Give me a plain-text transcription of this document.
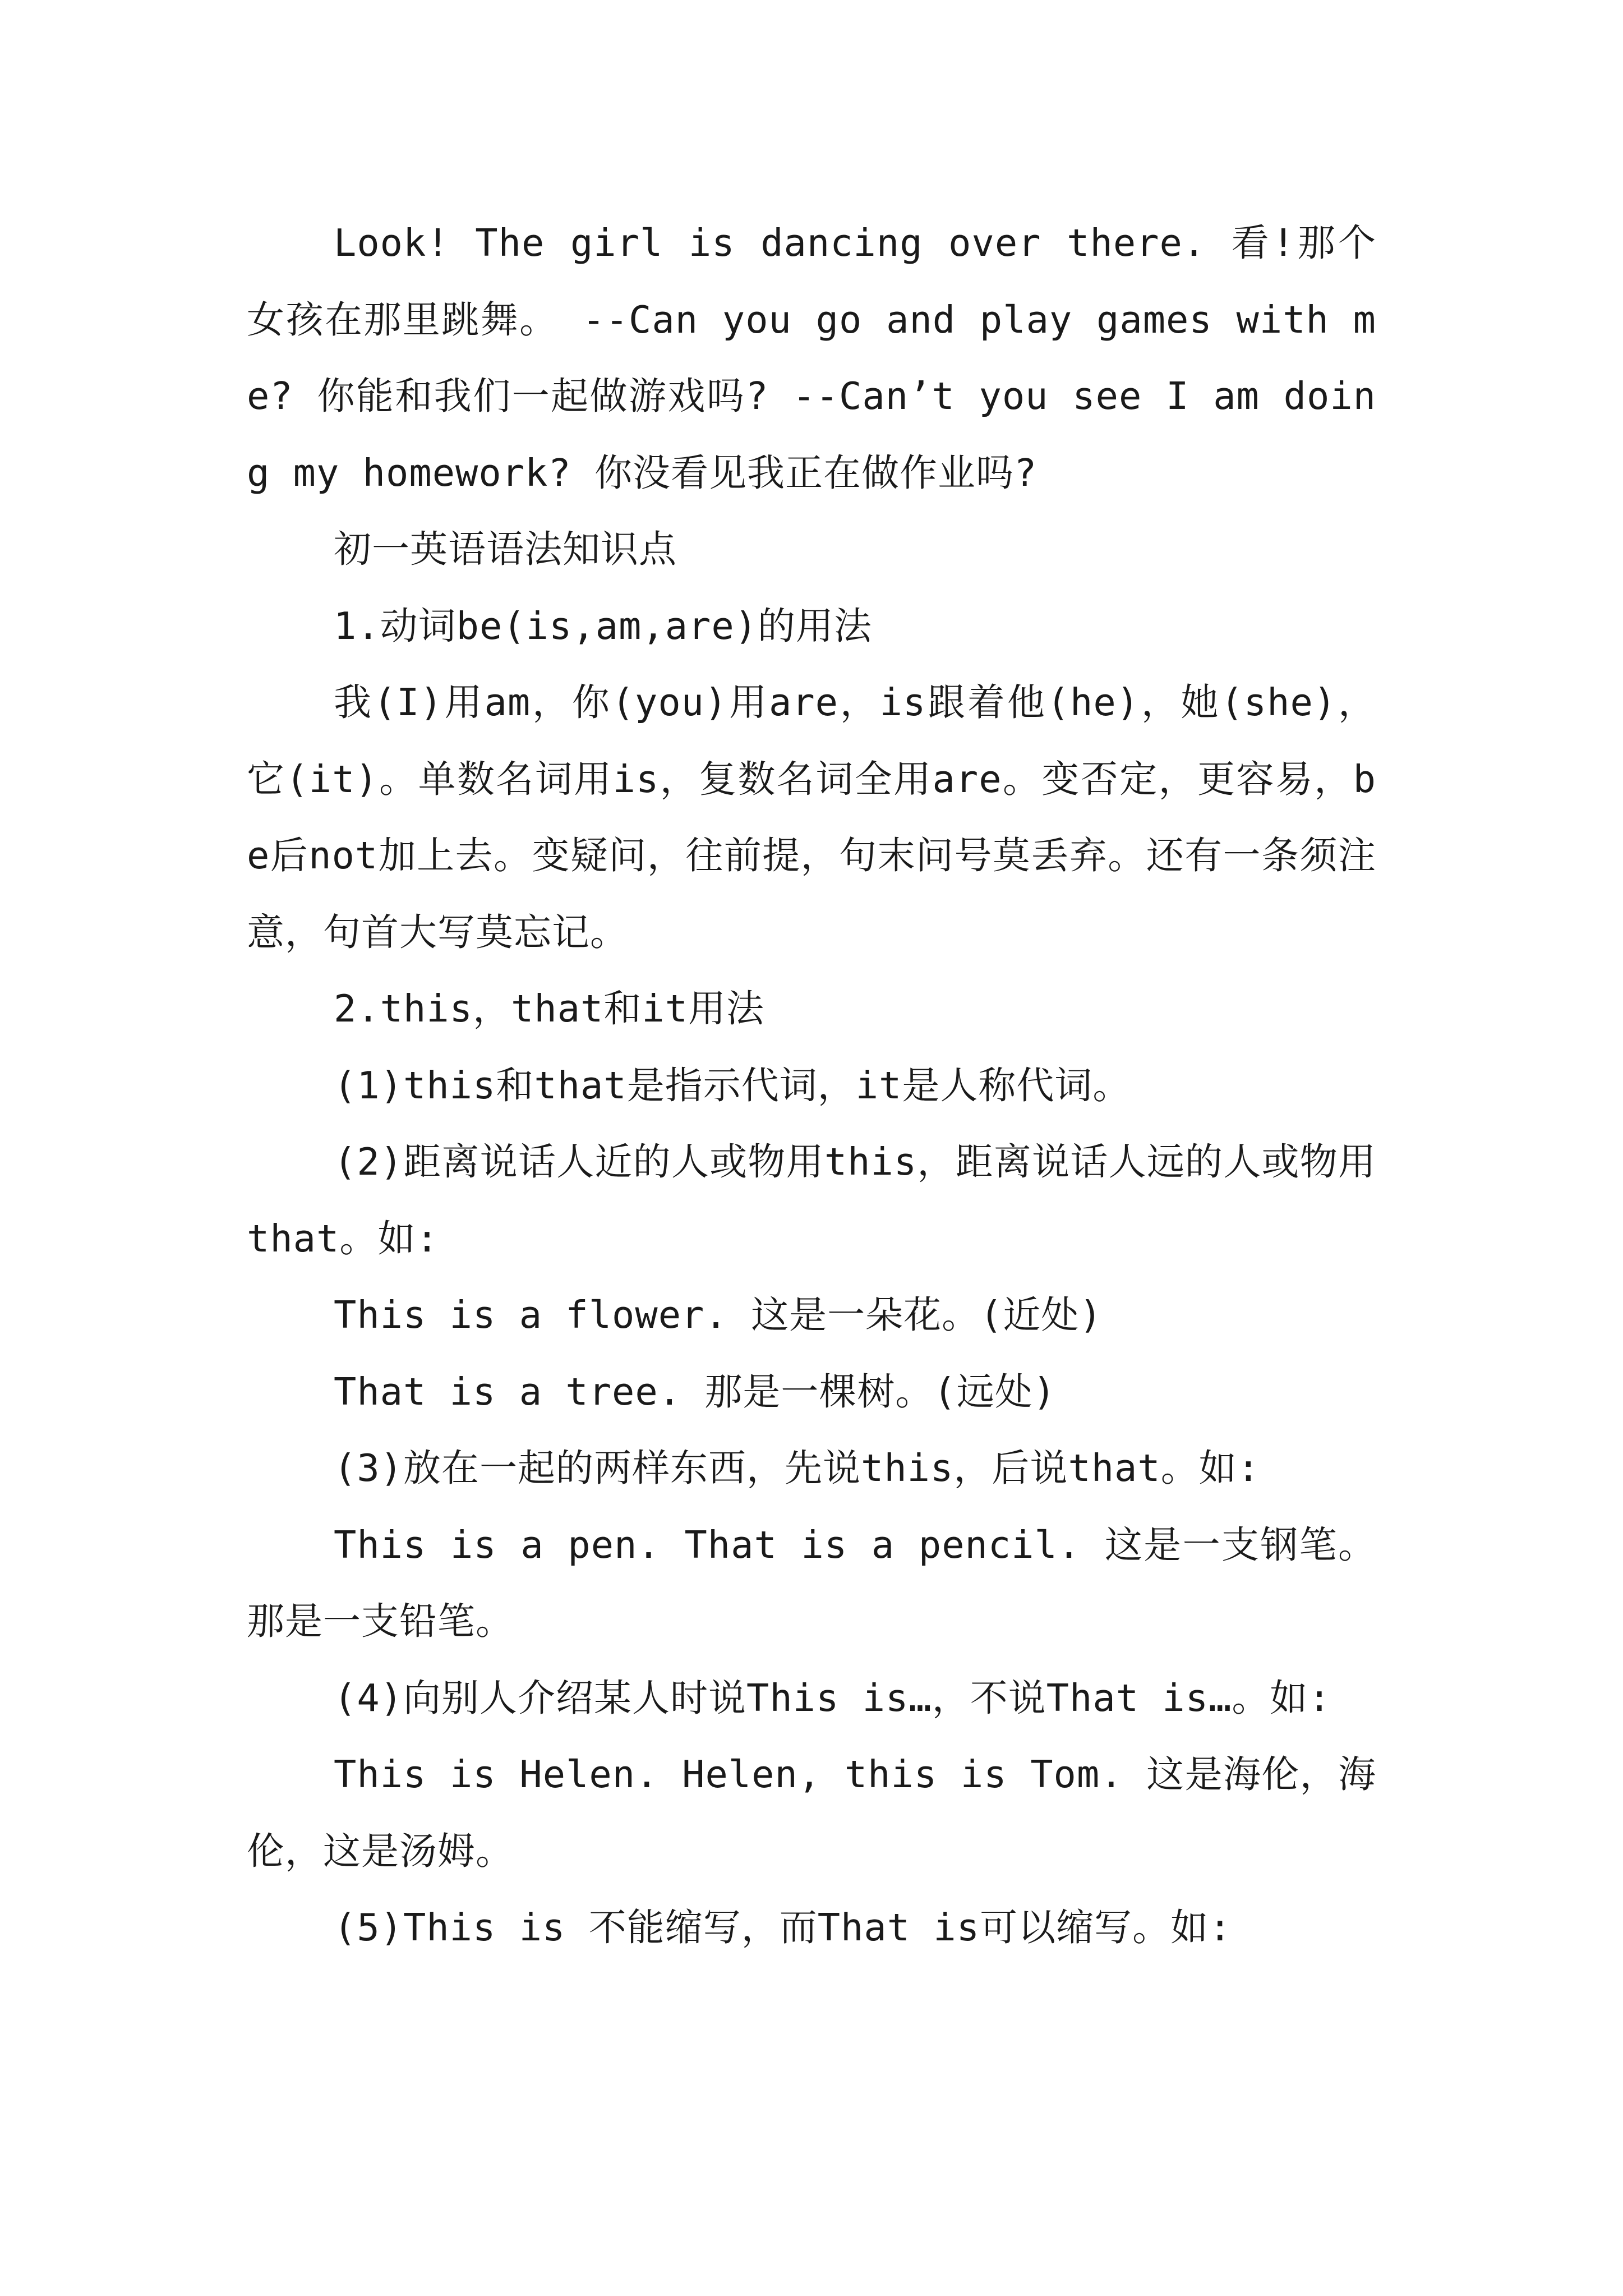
Look! The girl is dancing over there. 看!那个女孩在那里跳舞。 --Can you go and play games with me? 你能和我们一起做游戏吗? --Can’t you see I am doing my homework? 你没看见我正在做作业吗?

初一英语语法知识点

1.动词be(is,am,are)的用法

我(I)用am，你(you)用are，is跟着他(he)，她(she)，它(it)。单数名词用is，复数名词全用are。变否定，更容易，be后not加上去。变疑问，往前提，句末问号莫丢弃。还有一条须注意，句首大写莫忘记。

2.this，that和it用法

(1)this和that是指示代词，it是人称代词。

(2)距离说话人近的人或物用this，距离说话人远的人或物用that。如:

This is a flower. 这是一朵花。(近处)

That is a tree. 那是一棵树。(远处)

(3)放在一起的两样东西，先说this，后说that。如:

This is a pen. That is a pencil. 这是一支钢笔。那是一支铅笔。

(4)向别人介绍某人时说This is…，不说That is…。如:

This is Helen. Helen, this is Tom. 这是海伦，海伦，这是汤姆。

(5)This is 不能缩写，而That is可以缩写。如:
